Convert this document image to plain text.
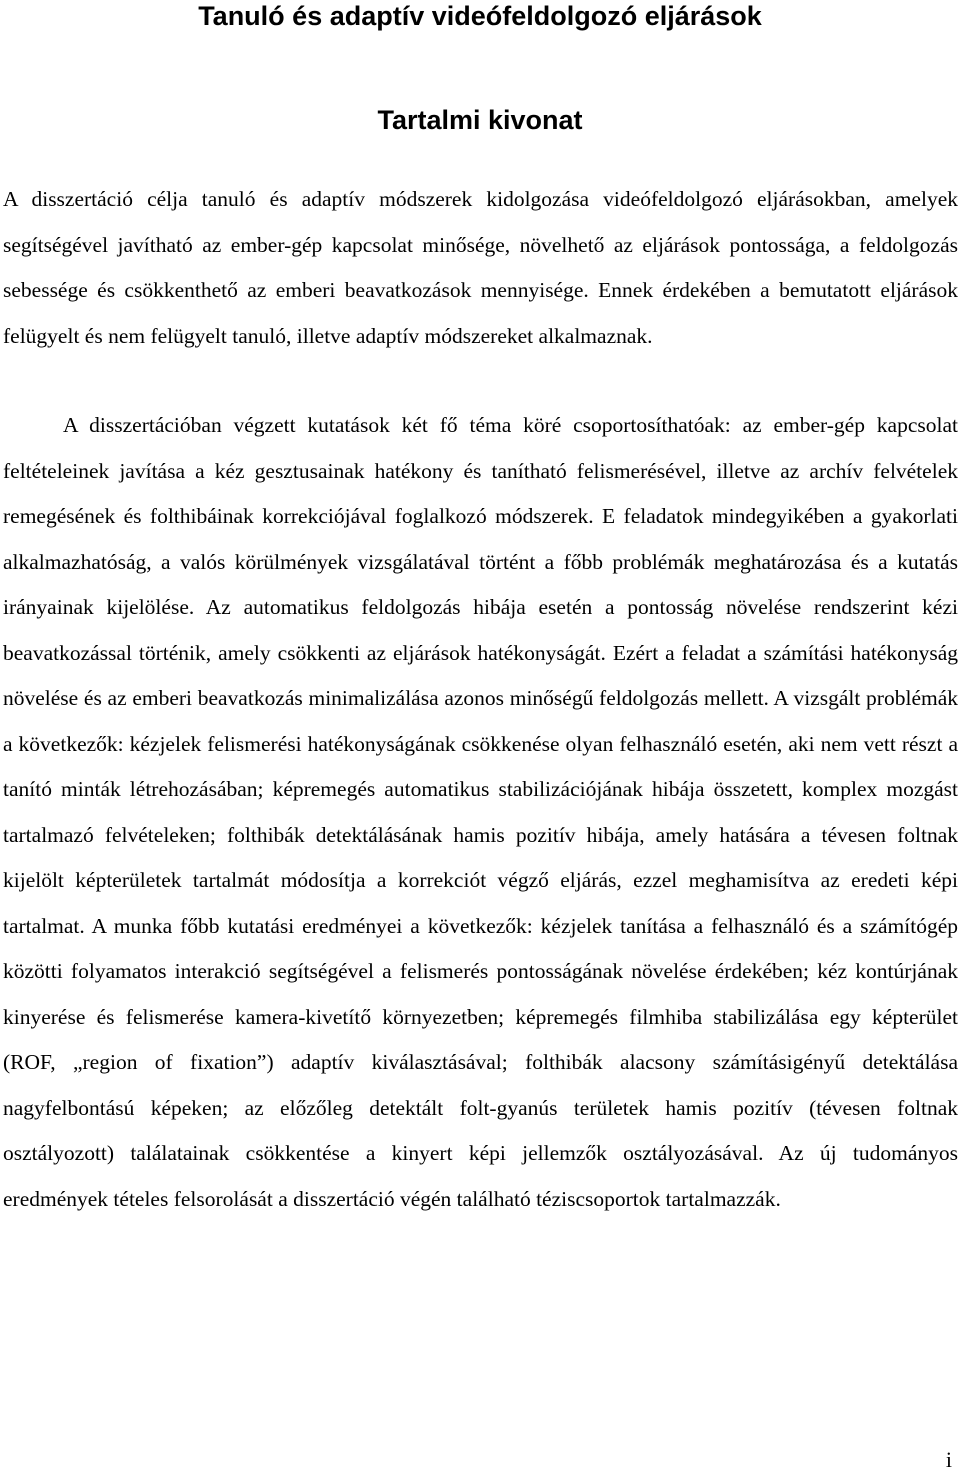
Tanuló és adaptív videófeldolgozó eljárások
Tartalmi kivonat

A disszertáció célja tanuló és adaptív módszerek kidolgozása videófeldolgozó eljárásokban, amelyek segítségével javítható az ember-gép kapcsolat minősége, növelhető az eljárások pontossága, a feldolgozás sebessége és csökkenthető az emberi beavatkozások mennyisége. Ennek érdekében a bemutatott eljárások felügyelt és nem felügyelt tanuló, illetve adaptív módszereket alkalmaznak.

A disszertációban végzett kutatások két fő téma köré csoportosíthatóak: az ember-gép kapcsolat feltételeinek javítása a kéz gesztusainak hatékony és tanítható felismerésével, illetve az archív felvételek remegésének és folthibáinak korrekciójával foglalkozó módszerek. E feladatok mindegyikében a gyakorlati alkalmazhatóság, a valós körülmények vizsgálatával történt a főbb problémák meghatározása és a kutatás irányainak kijelölése. Az automatikus feldolgozás hibája esetén a pontosság növelése rendszerint kézi beavatkozással történik, amely csökkenti az eljárások hatékonyságát. Ezért a feladat a számítási hatékonyság növelése és az emberi beavatkozás minimalizálása azonos minőségű feldolgozás mellett. A vizsgált problémák a következők: kézjelek felismerési hatékonyságának csökkenése olyan felhasználó esetén, aki nem vett részt a tanító minták létrehozásában; képremegés automatikus stabilizációjának hibája összetett, komplex mozgást tartalmazó felvételeken; folthibák detektálásának hamis pozitív hibája, amely hatására a tévesen foltnak kijelölt képterületek tartalmát módosítja a korrekciót végző eljárás, ezzel meghamisítva az eredeti képi tartalmat. A munka főbb kutatási eredményei a következők: kézjelek tanítása a felhasználó és a számítógép közötti folyamatos interakció segítségével a felismerés pontosságának növelése érdekében; kéz kontúrjának kinyerése és felismerése kamera-kivetítő környezetben; képremegés filmhiba stabilizálása egy képterület (ROF, „region of fixation”) adaptív kiválasztásával; folthibák alacsony számításigényű detektálása nagyfelbontású képeken; az előzőleg detektált folt-gyanús területek hamis pozitív (tévesen foltnak osztályozott) találatainak csökkentése a kinyert képi jellemzők osztályozásával. Az új tudományos eredmények tételes felsorolását a disszertáció végén található téziscsoportok tartalmazzák.

i
